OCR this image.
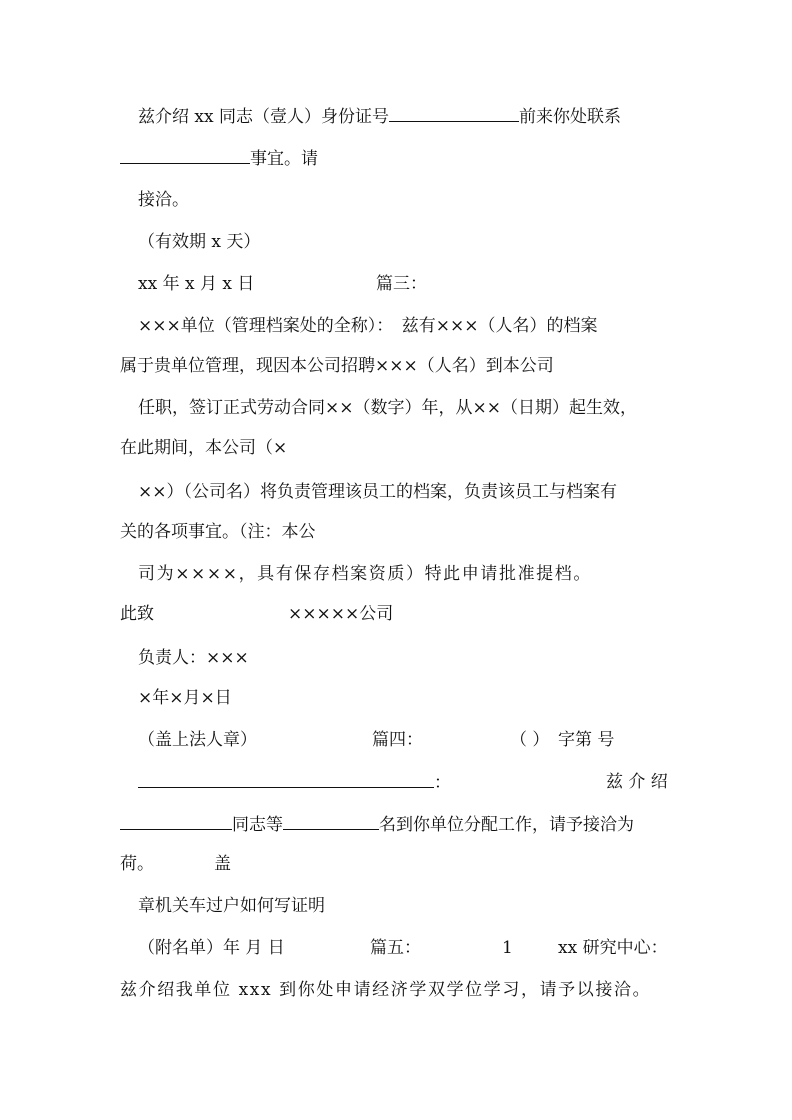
兹介绍 xx 同志（壹人）身份证号	前来你处联系
事宜。请
接洽。
（有效期 x 天）
xx 年 x 月 x 日	篇三：
×××单位（管理档案处的全称）：　兹有×××（人名）的档案
属于贵单位管理，现因本公司招聘×××（人名）到本公司
任职，签订正式劳动合同××（数字）年，从××（日期）起生效，
在此期间，本公司（×
××）（公司名）将负责管理该员工的档案，负责该员工与档案有
关的各项事宜。（注：本公
司为××××，具有保存档案资质）特此申请批准提档。
此致	×××××公司
负责人：×××
×年×月×日
（盖上法人章）	篇四：	（ ） 字第 号
：	兹 介 绍
同志等	名到你单位分配工作，请予接洽为
荷。	盖
章机关车过户如何写证明
（附名单）年 月 日	篇五：	1	xx 研究中心：
兹介绍我单位 xxx 到你处申请经济学双学位学习，请予以接洽。
